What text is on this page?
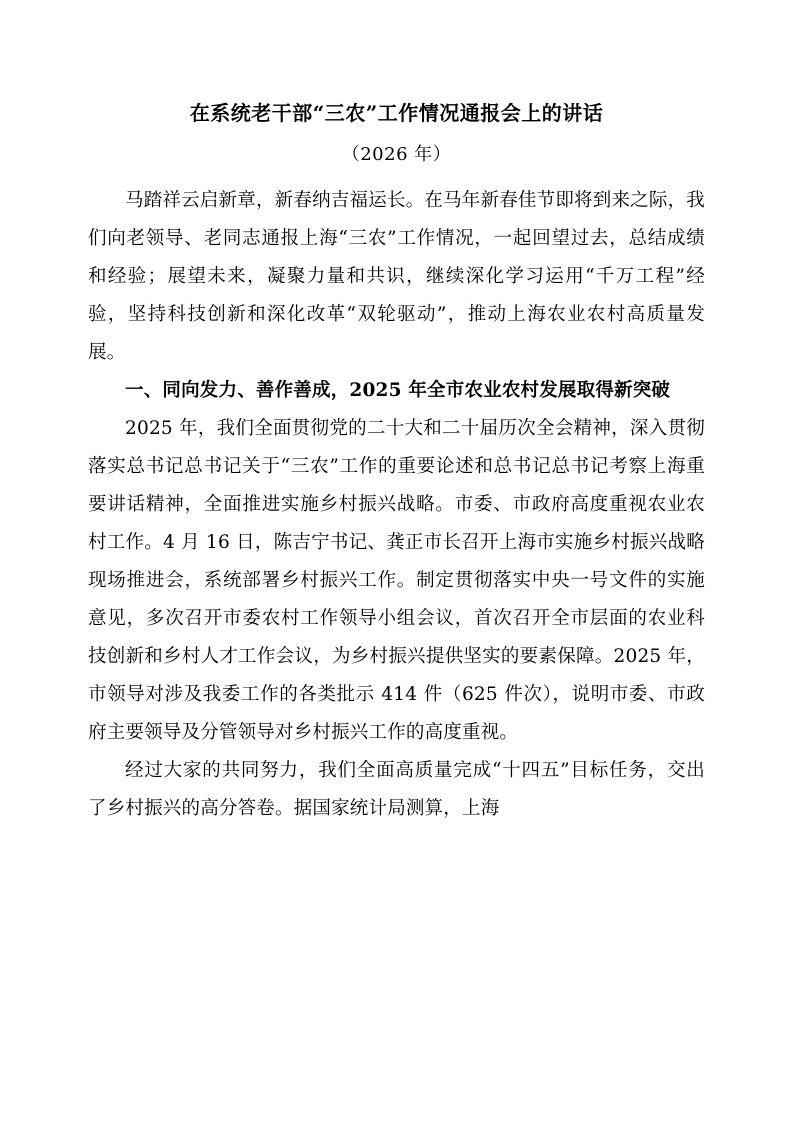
在系统老干部“三农”工作情况通报会上的讲话
（2026 年）

马踏祥云启新章，新春纳吉福运长。在马年新春佳节即将到来之际，我们向老领导、老同志通报上海“三农”工作情况，一起回望过去，总结成绩和经验；展望未来，凝聚力量和共识，继续深化学习运用“千万工程”经验，坚持科技创新和深化改革“双轮驱动”，推动上海农业农村高质量发展。

一、同向发力、善作善成，2025 年全市农业农村发展取得新突破

2025 年，我们全面贯彻党的二十大和二十届历次全会精神，深入贯彻落实总书记总书记关于“三农”工作的重要论述和总书记总书记考察上海重要讲话精神，全面推进实施乡村振兴战略。市委、市政府高度重视农业农村工作。4 月 16 日，陈吉宁书记、龚正市长召开上海市实施乡村振兴战略现场推进会，系统部署乡村振兴工作。制定贯彻落实中央一号文件的实施意见，多次召开市委农村工作领导小组会议，首次召开全市层面的农业科技创新和乡村人才工作会议，为乡村振兴提供坚实的要素保障。2025 年，市领导对涉及我委工作的各类批示 414 件（625 件次），说明市委、市政府主要领导及分管领导对乡村振兴工作的高度重视。

经过大家的共同努力，我们全面高质量完成“十四五”目标任务，交出了乡村振兴的高分答卷。据国家统计局测算，上海
